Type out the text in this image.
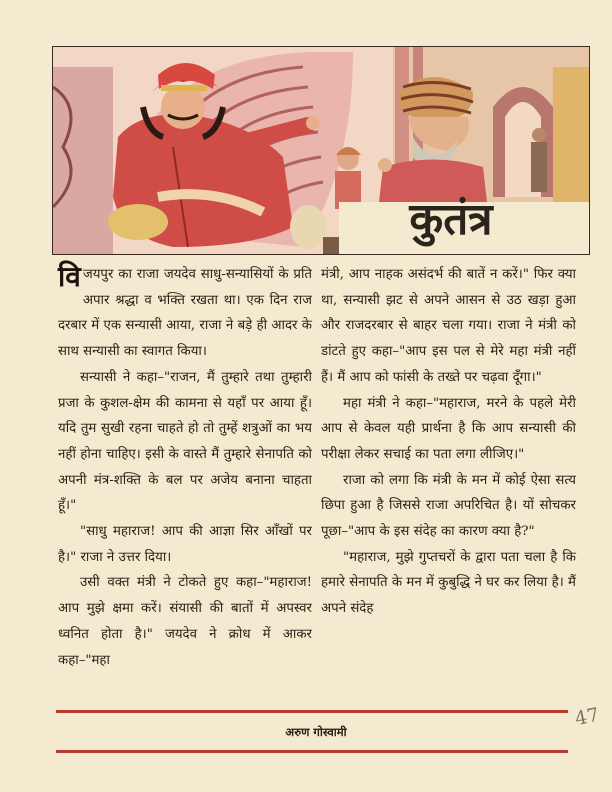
कुतंत्र

विजयपुर का राजा जयदेव साधु-सन्यासियों के प्रति अपार श्रद्धा व भक्ति रखता था। एक दिन राज दरबार में एक सन्यासी आया, राजा ने बड़े ही आदर के साथ सन्यासी का स्वागत किया।

सन्यासी ने कहा–"राजन, मैं तुम्हारे तथा तुम्हारी प्रजा के कुशल-क्षेम की कामना से यहाँ पर आया हूँ। यदि तुम सुखी रहना चाहते हो तो तुम्हें शत्रुओं का भय नहीं होना चाहिए। इसी के वास्ते मैं तुम्हारे सेनापति को अपनी मंत्र-शक्ति के बल पर अजेय बनाना चाहता हूँ।"

"साधु महाराज! आप की आज्ञा सिर आँखों पर है।" राजा ने उत्तर दिया।

उसी वक्त मंत्री ने टोकते हुए कहा–"महाराज! आप मुझे क्षमा करें। संयासी की बातों में अपस्वर ध्वनित होता है।" जयदेव ने क्रोध में आकर कहा–"महा

मंत्री, आप नाहक असंदर्भ की बातें न करें।" फिर क्या था, सन्यासी झट से अपने आसन से उठ खड़ा हुआ और राजदरबार से बाहर चला गया। राजा ने मंत्री को डांटते हुए कहा–"आप इस पल से मेरे महा मंत्री नहीं हैं। मैं आप को फांसी के तख्ते पर चढ़वा दूँगा।"

महा मंत्री ने कहा–"महाराज, मरने के पहले मेरी आप से केवल यही प्रार्थना है कि आप सन्यासी की परीक्षा लेकर सचाई का पता लगा लीजिए।"

राजा को लगा कि मंत्री के मन में कोई ऐसा सत्य छिपा हुआ है जिससे राजा अपरिचित है। यों सोचकर पूछा–"आप के इस संदेह का कारण क्या है?"

"महाराज, मुझे गुप्तचरों के द्वारा पता चला है कि हमारे सेनापति के मन में कुबुद्धि ने घर कर लिया है। मैं अपने संदेह

अरुण गोस्वामी
47
